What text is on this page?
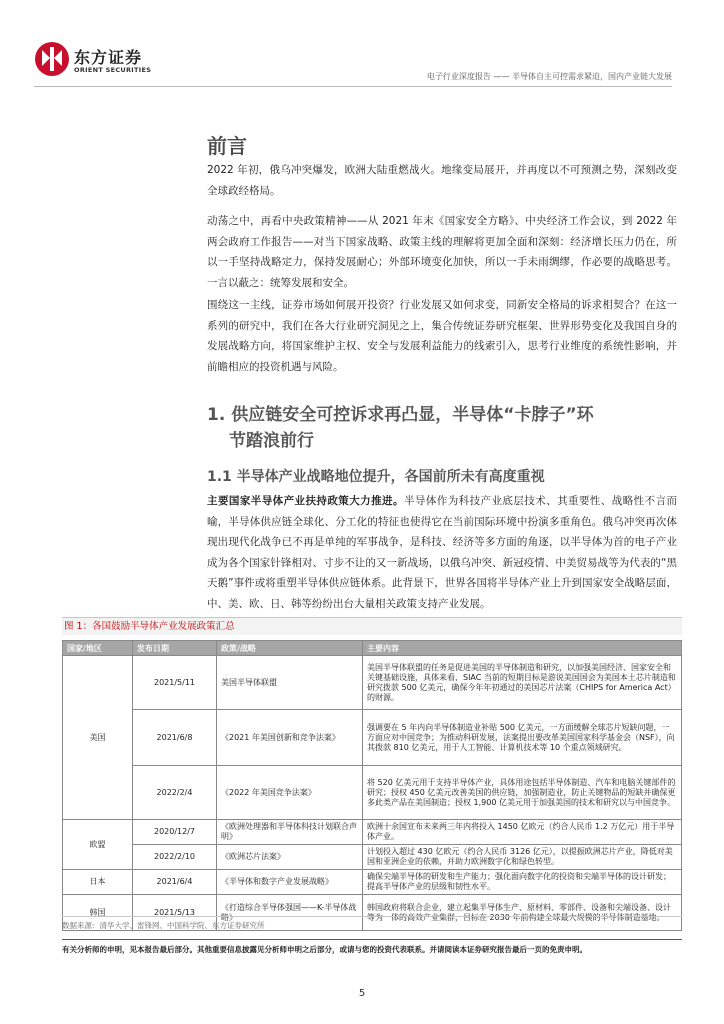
东方证券
ORIENT SECURITIES
电子行业深度报告 —— 半导体自主可控需求紧迫，国内产业链大发展
前言

2022 年初，俄乌冲突爆发，欧洲大陆重燃战火。地缘变局展开，并再度以不可预测之势，深刻改变全球政经格局。

动荡之中，再看中央政策精神——从 2021 年末《国家安全方略》、中央经济工作会议，到 2022 年两会政府工作报告——对当下国家战略、政策主线的理解将更加全面和深刻：经济增长压力仍在，所以一手坚持战略定力，保持发展耐心；外部环境变化加快，所以一手未雨绸缪，作必要的战略思考。一言以蔽之：统筹发展和安全。

围绕这一主线，证券市场如何展开投资？行业发展又如何求变，同新安全格局的诉求相契合？在这一系列的研究中，我们在各大行业研究洞见之上，集合传统证券研究框架、世界形势变化及我国自身的发展战略方向，将国家维护主权、安全与发展利益能力的线索引入，思考行业维度的系统性影响，并前瞻相应的投资机遇与风险。

1. 供应链安全可控诉求再凸显，半导体“卡脖子”环
节踏浪前行
1.1 半导体产业战略地位提升，各国前所未有高度重视

主要国家半导体产业扶持政策大力推进。半导体作为科技产业底层技术、其重要性、战略性不言而喻，半导体供应链全球化、分工化的特征也使得它在当前国际环境中扮演多重角色。俄乌冲突再次体现出现代化战争已不再是单纯的军事战争，是科技、经济等多方面的角逐，以半导体为首的电子产业成为各个国家针锋相对、寸步不让的又一新战场，以俄乌冲突、新冠疫情、中美贸易战等为代表的“黑天鹅”事件或将重塑半导体供应链体系。此背景下，世界各国将半导体产业上升到国家安全战略层面，中、美、欧、日、韩等纷纷出台大量相关政策支持产业发展。

图 1：各国鼓励半导体产业发展政策汇总
国家/地区	发布日期	政策/战略	主要内容
美国	2021/5/11	美国半导体联盟	美国半导体联盟的任务是促进美国的半导体制造和研究，以加强美国经济、国家安全和关键基础设施，具体来看，SIAC 当前的短期目标是游说美国国会为美国本土芯片制造和研究拨款 500 亿美元，确保今年年初通过的美国芯片法案（CHIPS for America Act）的财源。
	2021/6/8	《2021 年美国创新和竞争法案》	强调要在 5 年内向半导体制造业补贴 500 亿美元，一方面缓解全球芯片短缺问题，一方面应对中国竞争；为推动科研发展，法案提出要改革美国国家科学基金会（NSF），向其拨款 810 亿美元，用于人工智能、计算机技术等 10 个重点领域研究。
	2022/2/4	《2022 年美国竞争法案》	将 520 亿美元用于支持半导体产业，具体用途包括半导体制造、汽车和电脑关键部件的研究；授权 450 亿美元改善美国的供应链，加强制造业，防止关键物品的短缺并确保更多此类产品在美国制造；授权 1,900 亿美元用于加强美国的技术和研究以与中国竞争。
欧盟	2020/12/7	《欧洲处理器和半导体科技计划联合声明》	欧洲十余国宣布未来两三年内将投入 1450 亿欧元（约合人民币 1.2 万亿元）用于半导体产业。
	2022/2/10	《欧洲芯片法案》	计划投入超过 430 亿欧元（约合人民币 3126 亿元），以提振欧洲芯片产业，降低对美国和亚洲企业的依赖，并助力欧洲数字化和绿色转型。
日本	2021/6/4	《半导体和数字产业发展战略》	确保尖端半导体的研发和生产能力；强化面向数字化的投资和尖端半导体的设计研发；提高半导体产业的层级和韧性水平。
韩国	2021/5/13	《打造综合半导体强国——K-半导体战略》	韩国政府将联合企业，建立起集半导体生产、原材料、零部件、设备和尖端设备、设计等为一体的高效产业集群，目标在 2030 年前构建全球最大规模的半导体制造基地。
数据来源：清华大学、雷锋网、中国科学院、东方证券研究所
有关分析师的申明，见本报告最后部分。其他重要信息披露见分析师申明之后部分，或请与您的投资代表联系。并请阅读本证券研究报告最后一页的免责申明。
5
